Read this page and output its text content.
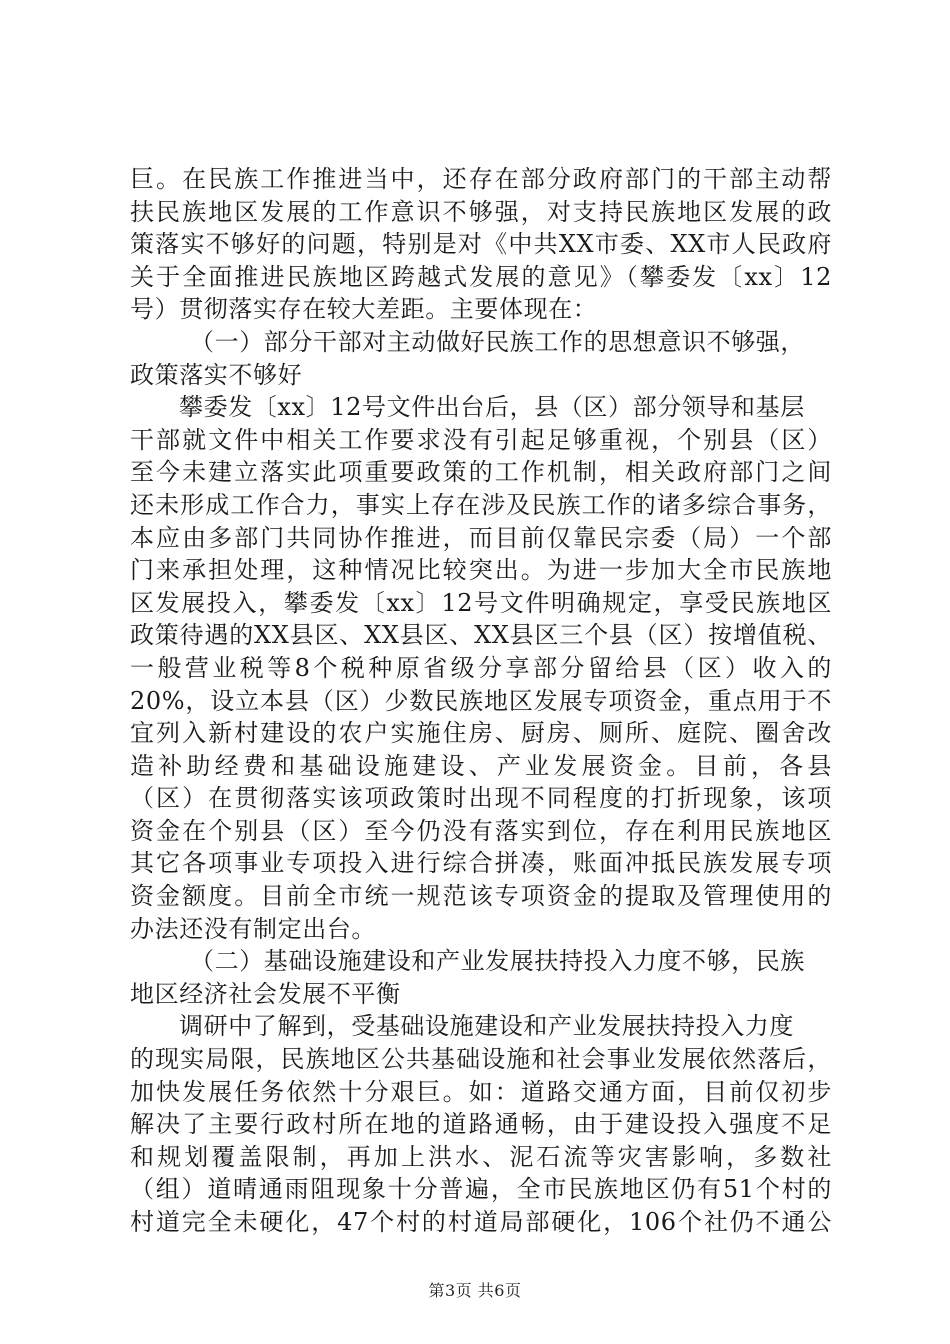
巨。在民族工作推进当中，还存在部分政府部门的干部主动帮
扶民族地区发展的工作意识不够强，对支持民族地区发展的政
策落实不够好的问题，特别是对《中共XX市委、XX市人民政府
关于全面推进民族地区跨越式发展的意见》（攀委发〔xx〕12
号）贯彻落实存在较大差距。主要体现在：
（一）部分干部对主动做好民族工作的思想意识不够强，
政策落实不够好
攀委发〔xx〕12号文件出台后，县（区）部分领导和基层
干部就文件中相关工作要求没有引起足够重视，个别县（区）
至今未建立落实此项重要政策的工作机制，相关政府部门之间
还未形成工作合力，事实上存在涉及民族工作的诸多综合事务，
本应由多部门共同协作推进，而目前仅靠民宗委（局）一个部
门来承担处理，这种情况比较突出。为进一步加大全市民族地
区发展投入，攀委发〔xx〕12号文件明确规定，享受民族地区
政策待遇的XX县区、XX县区、XX县区三个县（区）按增值税、
一般营业税等8个税种原省级分享部分留给县（区）收入的
20%，设立本县（区）少数民族地区发展专项资金，重点用于不
宜列入新村建设的农户实施住房、厨房、厕所、庭院、圈舍改
造补助经费和基础设施建设、产业发展资金。目前，各县
（区）在贯彻落实该项政策时出现不同程度的打折现象，该项
资金在个别县（区）至今仍没有落实到位，存在利用民族地区
其它各项事业专项投入进行综合拼凑，账面冲抵民族发展专项
资金额度。目前全市统一规范该专项资金的提取及管理使用的
办法还没有制定出台。
（二）基础设施建设和产业发展扶持投入力度不够，民族
地区经济社会发展不平衡
调研中了解到，受基础设施建设和产业发展扶持投入力度
的现实局限，民族地区公共基础设施和社会事业发展依然落后，
加快发展任务依然十分艰巨。如：道路交通方面，目前仅初步
解决了主要行政村所在地的道路通畅，由于建设投入强度不足
和规划覆盖限制，再加上洪水、泥石流等灾害影响，多数社
（组）道晴通雨阻现象十分普遍，全市民族地区仍有51个村的
村道完全未硬化，47个村的村道局部硬化，106个社仍不通公
第3页 共6页
